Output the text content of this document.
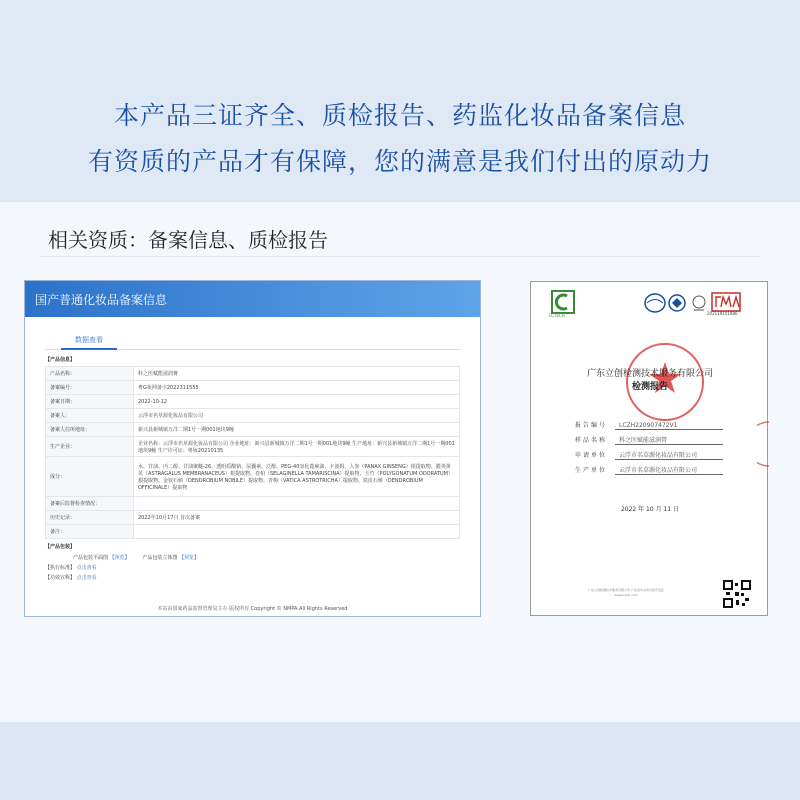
本产品三证齐全、质检报告、药监化妆品备案信息
有资质的产品才有保障，您的满意是我们付出的原动力
相关资质：备案信息、质检报告
国产普通化妆品备案信息
数据查看
【产品信息】
产品名称：	科之医赋能滋润膏
备案编号：	粤G妆网备字2022311555
备案日期：	2022-10-12
备案人：	云浮市名草源化妆品有限公司
备案人住所地址：	新兴县新城镇万洋二期1号一期001地块9幢
生产企业：	企业名称：云浮市名草源化妆品有限公司 企业地址：新兴县新城镇万洋二期1号一期001地块9幢 生产地址：新兴县新城镇万洋二期1号一期001地块9幢 生产许可证：粤妆20210135
成分：	水、甘油、丙二醇、甘油聚醚-26、透明质酸钠、尿囊素、泛醇、PEG-40氢化蓖麻油、卡波姆、人参（PANAX GINSENG）根提取物、膜荚黄芪（ASTRAGALUS MEMBRANACEUS）根提取物、卷柏（SELAGINELLA TAMARISCINA）提取物、玉竹（POLYGONATUM ODORATUM）根提取物、金钗石斛（DENDROBIUM NOBILE）提取物、青梅（VATICA ASTROTRICHA）提取物、铁皮石斛（DENDROBIUM OFFICINALE）提取物
备案后监督检查情况：	
历史记录：	2022年10月17日 首次备案
备注：	
【产品包装】
产品包装平面图 【预览】	产品包装立体图 【预览】
【执行标准】 点击查看
【功效宣称】 点击查看
本站由国家药品监督管理局主办 版权所有 Copyright © NMPA All Rights Reserved
LCTECH	202119101986
广东立创检测技术服务有限公司
检测报告
报告编号 LCZH220907472V1
样品名称 科之医赋能滋润膏
申请单位 云浮市名草源化妆品有限公司
生产单位 云浮市名草源化妆品有限公司
2022 年 10 月 11 日
广东立创检测技术服务有限公司 广东省中山市火炬开发区 www.lcech.com
